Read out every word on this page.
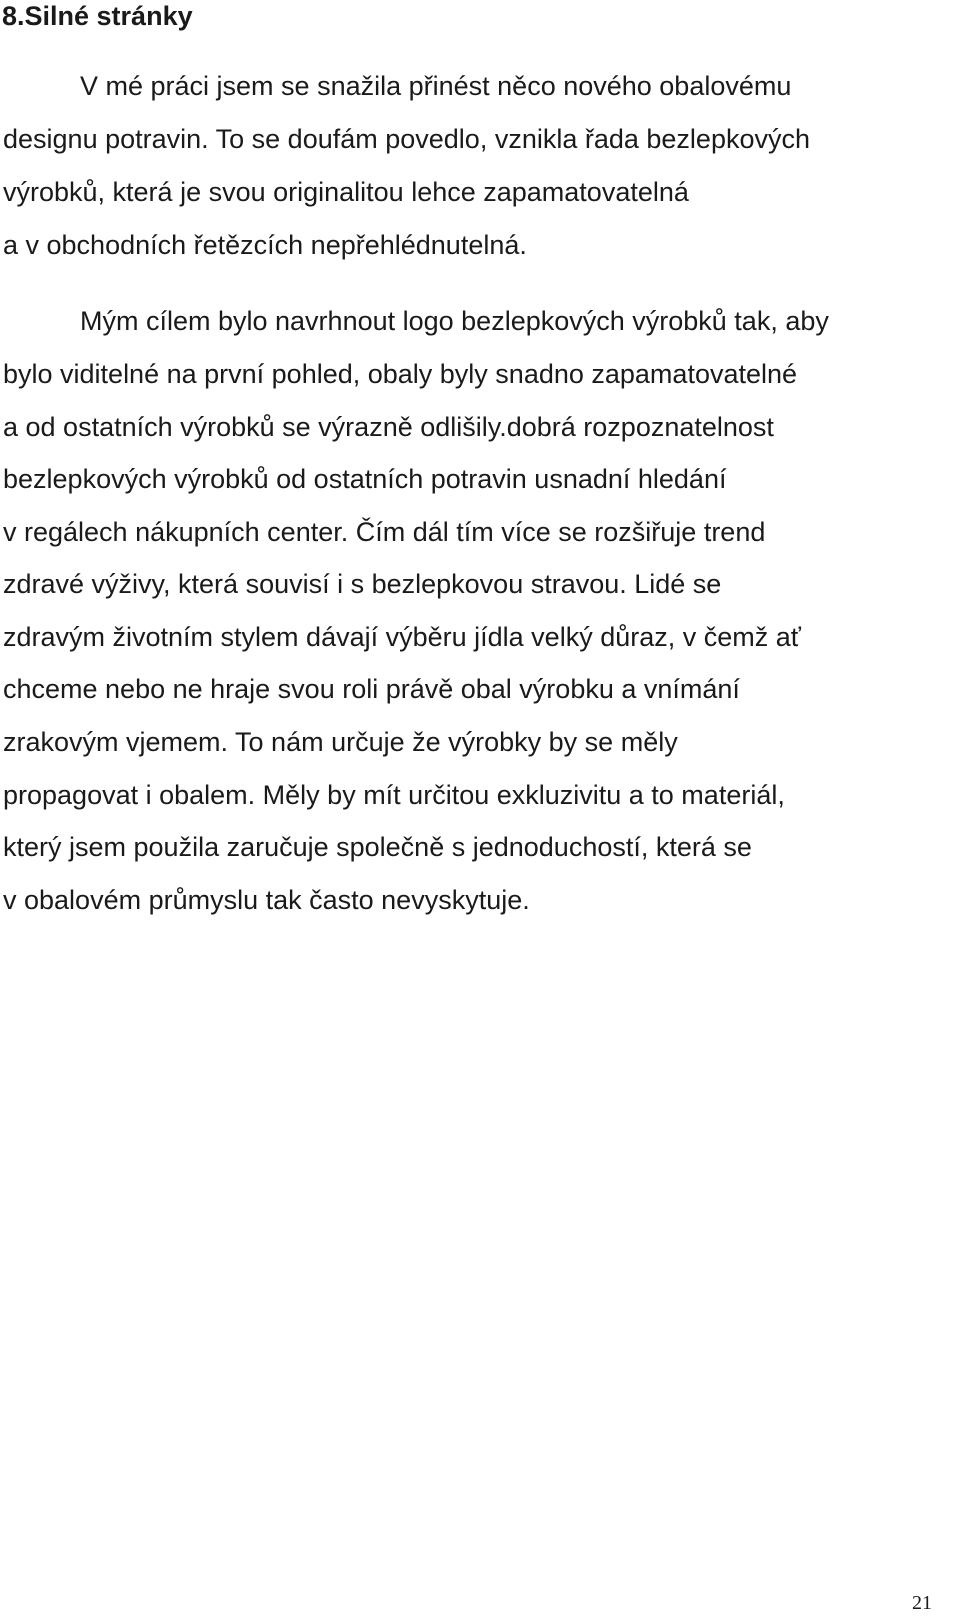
8.Silné stránky

V mé práci jsem se snažila přinést něco nového obalovému

designu potravin. To se doufám povedlo, vznikla řada bezlepkových

výrobků, která je svou originalitou lehce zapamatovatelná

a v obchodních řetězcích nepřehlédnutelná.

Mým cílem bylo navrhnout logo bezlepkových výrobků tak, aby

bylo viditelné na první pohled, obaly byly snadno zapamatovatelné

a od ostatních výrobků se výrazně odlišily.dobrá rozpoznatelnost

bezlepkových výrobků od ostatních potravin usnadní hledání

v regálech nákupních center. Čím dál tím více se rozšiřuje trend

zdravé výživy, která souvisí i s bezlepkovou stravou. Lidé se

zdravým životním stylem dávají výběru jídla velký důraz, v čemž ať

chceme nebo ne hraje svou roli právě obal výrobku a vnímání

zrakovým vjemem. To nám určuje že výrobky by se měly

propagovat i obalem. Měly by mít určitou exkluzivitu a to materiál,

který jsem použila zaručuje společně s jednoduchostí, která se

v obalovém průmyslu tak často nevyskytuje.

21
